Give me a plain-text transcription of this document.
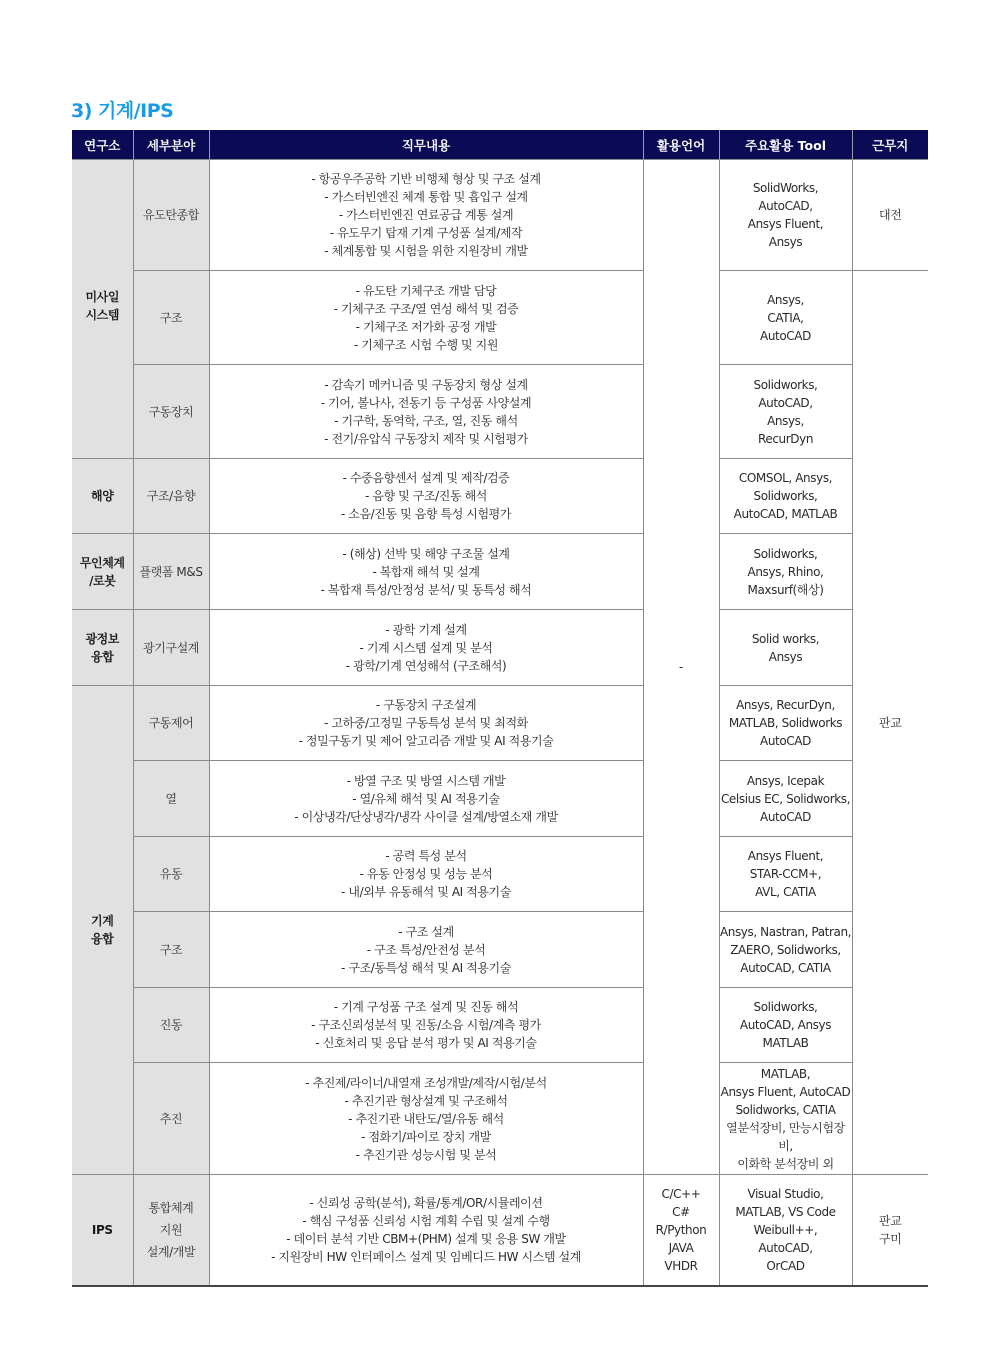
3) 기계/IPS
연구소	세부분야	직무내용	활용언어	주요활용 Tool	근무지

미사일
시스템	유도탄종합	- 항공우주공학 기반 비행체 형상 및 구조 설계
- 가스터빈엔진 체계 통합 및 흡입구 설계
- 가스터빈엔진 연료공급 계통 설계
- 유도무기 탑재 기계 구성품 설계/제작
- 체계통합 및 시험을 위한 지원장비 개발	-	SolidWorks,
AutoCAD,
Ansys Fluent,
Ansys	대전
	구조	- 유도탄 기체구조 개발 담당
- 기체구조 구조/열 연성 해석 및 검증
- 기체구조 저가화 공정 개발
- 기체구조 시험 수행 및 지원		Ansys,
CATIA,
AutoCAD	판교
	구동장치	- 감속기 메커니즘 및 구동장치 형상 설계
- 기어, 볼나사, 전동기 등 구성품 사양설계
- 기구학, 동역학, 구조, 열, 진동 해석
- 전기/유압식 구동장치 제작 및 시험평가		Solidworks,
AutoCAD,
Ansys,
RecurDyn	

해양	구조/음향	- 수중음향센서 설계 및 제작/검증
- 음향 및 구조/진동 해석
- 소음/진동 및 음향 특성 시험평가		COMSOL, Ansys,
Solidworks,
AutoCAD, MATLAB	

무인체계
/로봇	플랫폼 M&S	- (해상) 선박 및 해양 구조물 설계
- 복합재 해석 및 설계
- 복합재 특성/안정성 분석/ 및 동특성 해석		Solidworks,
Ansys, Rhino,
Maxsurf(해상)	

광정보
융합	광기구설계	- 광학 기계 설계
- 기계 시스템 설계 및 분석
- 광학/기계 연성해석 (구조해석)		Solid works,
Ansys	

기계
융합	구동제어	- 구동장치 구조설계
- 고하중/고정밀 구동특성 분석 및 최적화
- 정밀구동기 및 제어 알고리즘 개발 및 AI 적용기술		Ansys, RecurDyn,
MATLAB, Solidworks
AutoCAD	

	열	- 방열 구조 및 방열 시스템 개발
- 열/유체 해석 및 AI 적용기술
- 이상냉각/단상냉각/냉각 사이클 설계/방열소재 개발		Ansys, Icepak
Celsius EC, Solidworks,
AutoCAD	

	유동	- 공력 특성 분석
- 유동 안정성 및 성능 분석
- 내/외부 유동해석 및 AI 적용기술		Ansys Fluent,
STAR-CCM+,
AVL, CATIA	

	구조	- 구조 설계
- 구조 특성/안전성 분석
- 구조/동특성 해석 및 AI 적용기술		Ansys, Nastran, Patran,
ZAERO, Solidworks,
AutoCAD, CATIA	

	진동	- 기계 구성품 구조 설계 및 진동 해석
- 구조신뢰성분석 및 진동/소음 시험/계측 평가
- 신호처리 및 응답 분석 평가 및 AI 적용기술		Solidworks,
AutoCAD, Ansys
MATLAB	

	추진	- 추진제/라이너/내열재 조성개발/제작/시험/분석
- 추진기관 형상설계 및 구조해석
- 추진기관 내탄도/열/유동 해석
- 점화기/파이로 장치 개발
- 추진기관 성능시험 및 분석		MATLAB,
Ansys Fluent, AutoCAD
Solidworks, CATIA
열분석장비, 만능시험장비,
이화학 분석장비 외	

IPS	통합체계
지원
설계/개발	- 신뢰성 공학(분석), 확률/통계/OR/시뮬레이션
- 핵심 구성품 신뢰성 시험 계획 수립 및 설계 수행
- 데이터 분석 기반 CBM+(PHM) 설계 및 응용 SW 개발
- 지원장비 HW 인터페이스 설계 및 임베디드 HW 시스템 설계	C/C++
C#
R/Python
JAVA
VHDR	Visual Studio,
MATLAB, VS Code
Weibull++,
AutoCAD,
OrCAD	판교
구미
